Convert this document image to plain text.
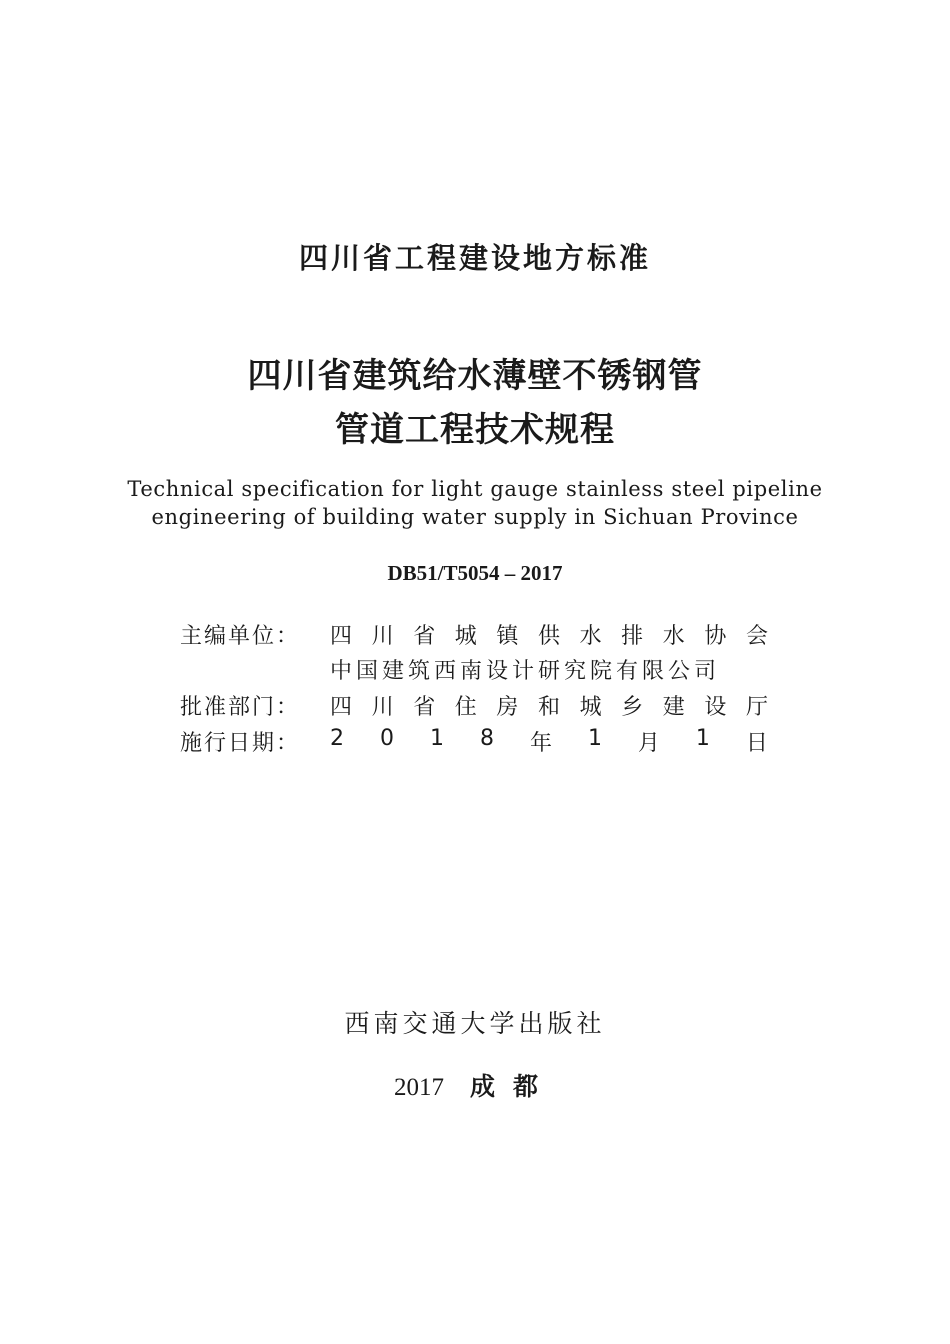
四川省工程建设地方标准
四川省建筑给水薄壁不锈钢管
管道工程技术规程
Technical specification for light gauge stainless steel pipeline
engineering of building water supply in Sichuan Province
DB51/T5054 – 2017
主编单位： 四 川 省 城 镇 供 水 排 水 协 会
中国建筑西南设计研究院有限公司
批准部门： 四 川 省 住 房 和 城 乡 建 设 厅
施行日期： 2 0 1 8 年 1 月 1 日
西南交通大学出版社
2017 成都
